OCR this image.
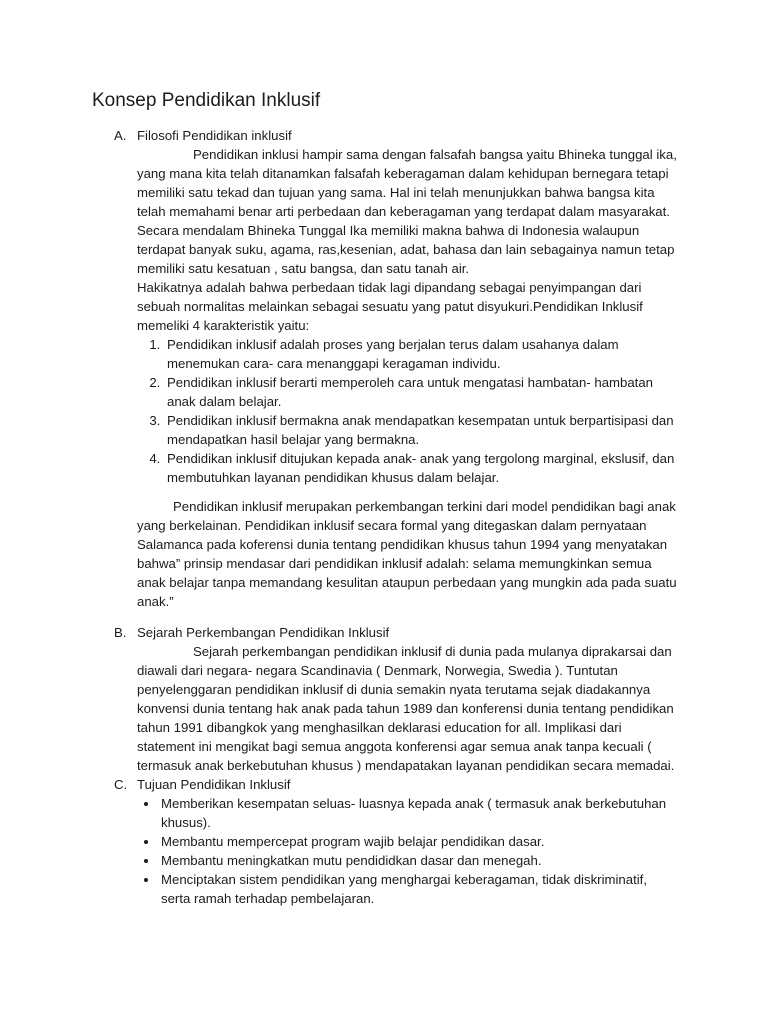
Konsep Pendidikan Inklusif
A. Filosofi Pendidikan inklusif

Pendidikan inklusi hampir sama dengan falsafah bangsa yaitu Bhineka tunggal ika, yang mana kita telah ditanamkan falsafah keberagaman dalam kehidupan bernegara tetapi memiliki satu tekad dan tujuan yang sama. Hal ini telah menunjukkan bahwa bangsa kita telah memahami benar arti perbedaan dan keberagaman yang terdapat dalam masyarakat.

Secara mendalam Bhineka Tunggal Ika memiliki makna bahwa di Indonesia walaupun terdapat banyak suku, agama, ras,kesenian, adat, bahasa dan lain sebagainya namun tetap memiliki satu kesatuan , satu bangsa, dan satu tanah air.

Hakikatnya adalah bahwa perbedaan tidak lagi dipandang sebagai penyimpangan dari sebuah normalitas melainkan sebagai sesuatu yang patut disyukuri.Pendidikan Inklusif memeliki 4 karakteristik yaitu:

1. Pendidikan inklusif adalah proses yang berjalan terus dalam usahanya dalam menemukan cara- cara menanggapi keragaman individu.
2. Pendidikan inklusif berarti memperoleh cara untuk mengatasi hambatan- hambatan anak dalam belajar.
3. Pendidikan inklusif bermakna anak mendapatkan kesempatan untuk berpartisipasi dan mendapatkan hasil belajar yang bermakna.
4. Pendidikan inklusif ditujukan kepada anak- anak yang tergolong marginal, ekslusif, dan membutuhkan layanan pendidikan khusus dalam belajar.

Pendidikan inklusif merupakan perkembangan terkini dari model pendidikan bagi anak yang berkelainan. Pendidikan inklusif secara formal yang ditegaskan dalam pernyataan Salamanca pada koferensi dunia tentang pendidikan khusus tahun 1994 yang menyatakan bahwa” prinsip mendasar dari pendidikan inklusif adalah: selama memungkinkan semua anak belajar tanpa memandang kesulitan ataupun perbedaan yang mungkin ada pada suatu anak.”

B. Sejarah Perkembangan Pendidikan Inklusif

Sejarah perkembangan pendidikan inklusif di dunia pada mulanya diprakarsai dan diawali dari negara- negara Scandinavia ( Denmark, Norwegia, Swedia ). Tuntutan penyelenggaran pendidikan inklusif di dunia semakin nyata terutama sejak diadakannya konvensi dunia tentang hak anak pada tahun 1989 dan konferensi dunia tentang pendidikan tahun 1991 dibangkok yang menghasilkan deklarasi education for all. Implikasi dari statement ini mengikat bagi semua anggota konferensi agar semua anak tanpa kecuali ( termasuk anak berkebutuhan khusus ) mendapatakan layanan pendidikan secara memadai.

C. Tujuan Pendidikan Inklusif
• Memberikan kesempatan seluas- luasnya kepada anak ( termasuk anak berkebutuhan khusus).
• Membantu mempercepat program wajib belajar pendidikan dasar.
• Membantu meningkatkan mutu pendididkan dasar dan menegah.
• Menciptakan sistem pendidikan yang menghargai keberagaman, tidak diskriminatif, serta ramah terhadap pembelajaran.
